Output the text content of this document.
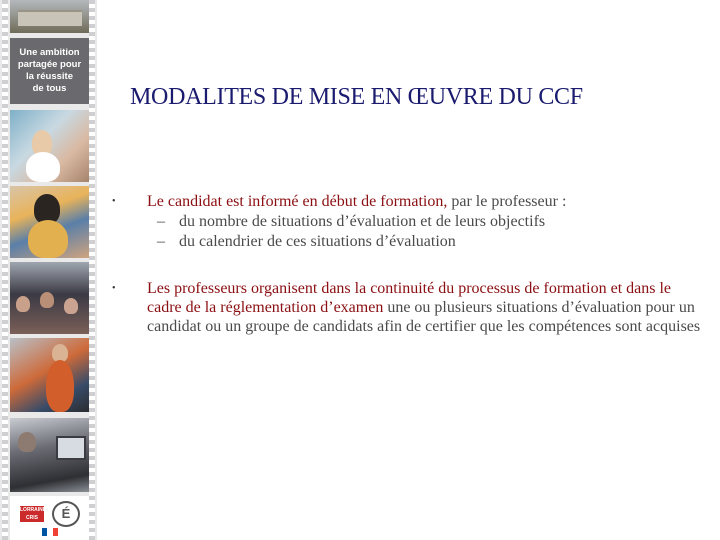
Une ambition
partagée pour
la réussite
de tous
LORRAINE
CRIS	É
MODALITES DE MISE EN ŒUVRE DU CCF
• Le candidat est informé en début de formation, par le professeur :
– du nombre de situations d’évaluation et de leurs objectifs
– du calendrier de ces situations d’évaluation
• Les professeurs organisent dans la continuité du processus de formation et dans le cadre de la réglementation d’examen une ou plusieurs situations d’évaluation pour un candidat ou un groupe de candidats afin de certifier que les compétences sont acquises
